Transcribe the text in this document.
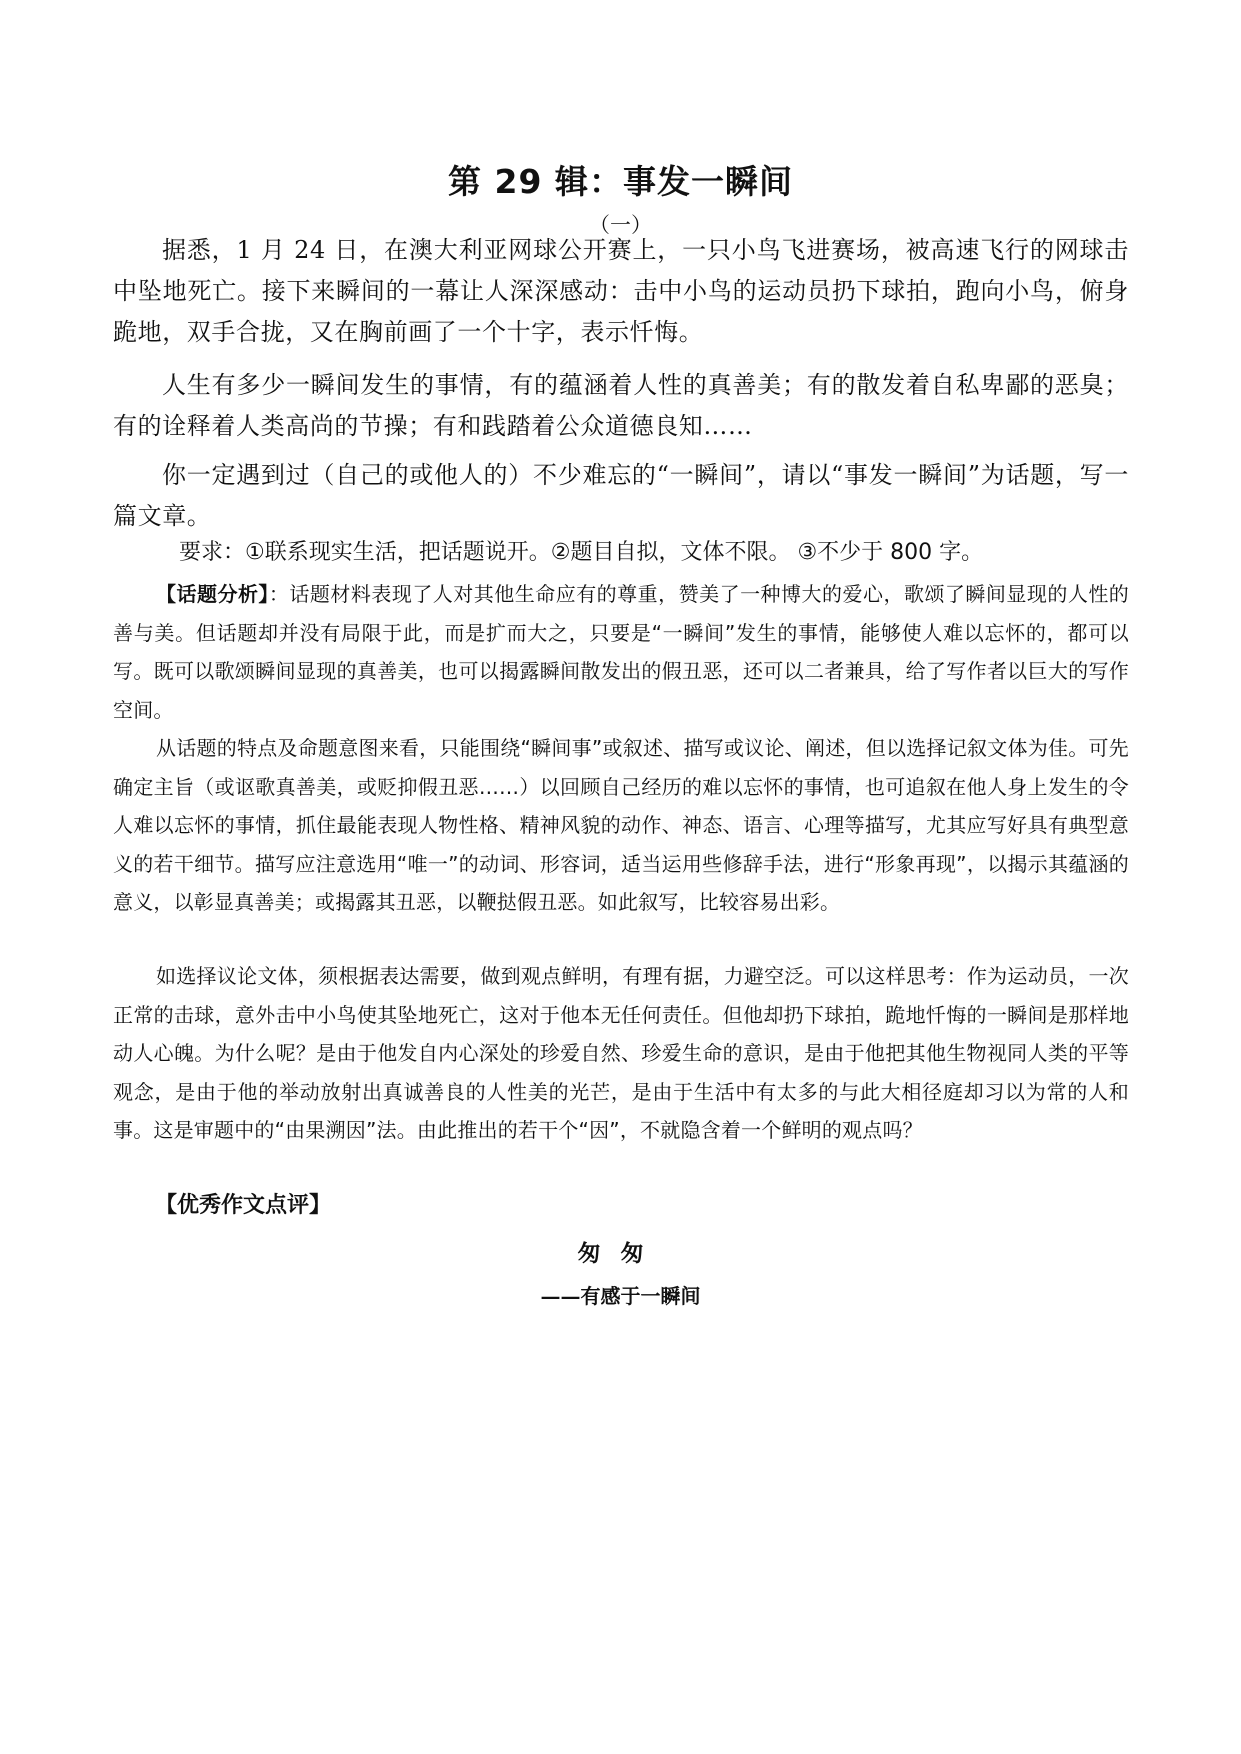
第 29 辑：事发一瞬间

（一）

据悉，1 月 24 日，在澳大利亚网球公开赛上，一只小鸟飞进赛场，被高速飞行的网球击中坠地死亡。接下来瞬间的一幕让人深深感动：击中小鸟的运动员扔下球拍，跑向小鸟，俯身跪地，双手合拢，又在胸前画了一个十字，表示忏悔。

人生有多少一瞬间发生的事情，有的蕴涵着人性的真善美；有的散发着自私卑鄙的恶臭；有的诠释着人类高尚的节操；有和践踏着公众道德良知……

你一定遇到过（自己的或他人的）不少难忘的“一瞬间”，请以“事发一瞬间”为话题，写一篇文章。

要求：①联系现实生活，把话题说开。②题目自拟，文体不限。 ③不少于 800 字。

【话题分析】：话题材料表现了人对其他生命应有的尊重，赞美了一种博大的爱心，歌颂了瞬间显现的人性的善与美。但话题却并没有局限于此，而是扩而大之，只要是“一瞬间”发生的事情，能够使人难以忘怀的，都可以写。既可以歌颂瞬间显现的真善美，也可以揭露瞬间散发出的假丑恶，还可以二者兼具，给了写作者以巨大的写作空间。

从话题的特点及命题意图来看，只能围绕“瞬间事”或叙述、描写或议论、阐述，但以选择记叙文体为佳。可先确定主旨（或讴歌真善美，或贬抑假丑恶……）以回顾自己经历的难以忘怀的事情，也可追叙在他人身上发生的令人难以忘怀的事情，抓住最能表现人物性格、精神风貌的动作、神态、语言、心理等描写，尤其应写好具有典型意义的若干细节。描写应注意选用“唯一”的动词、形容词，适当运用些修辞手法，进行“形象再现”，以揭示其蕴涵的意义，以彰显真善美；或揭露其丑恶，以鞭挞假丑恶。如此叙写，比较容易出彩。

如选择议论文体，须根据表达需要，做到观点鲜明，有理有据，力避空泛。可以这样思考：作为运动员，一次正常的击球，意外击中小鸟使其坠地死亡，这对于他本无任何责任。但他却扔下球拍，跪地忏悔的一瞬间是那样地动人心魄。为什么呢？是由于他发自内心深处的珍爱自然、珍爱生命的意识，是由于他把其他生物视同人类的平等观念，是由于他的举动放射出真诚善良的人性美的光芒，是由于生活中有太多的与此大相径庭却习以为常的人和事。这是审题中的“由果溯因”法。由此推出的若干个“因”，不就隐含着一个鲜明的观点吗？

【优秀作文点评】

匆匆

——有感于一瞬间
